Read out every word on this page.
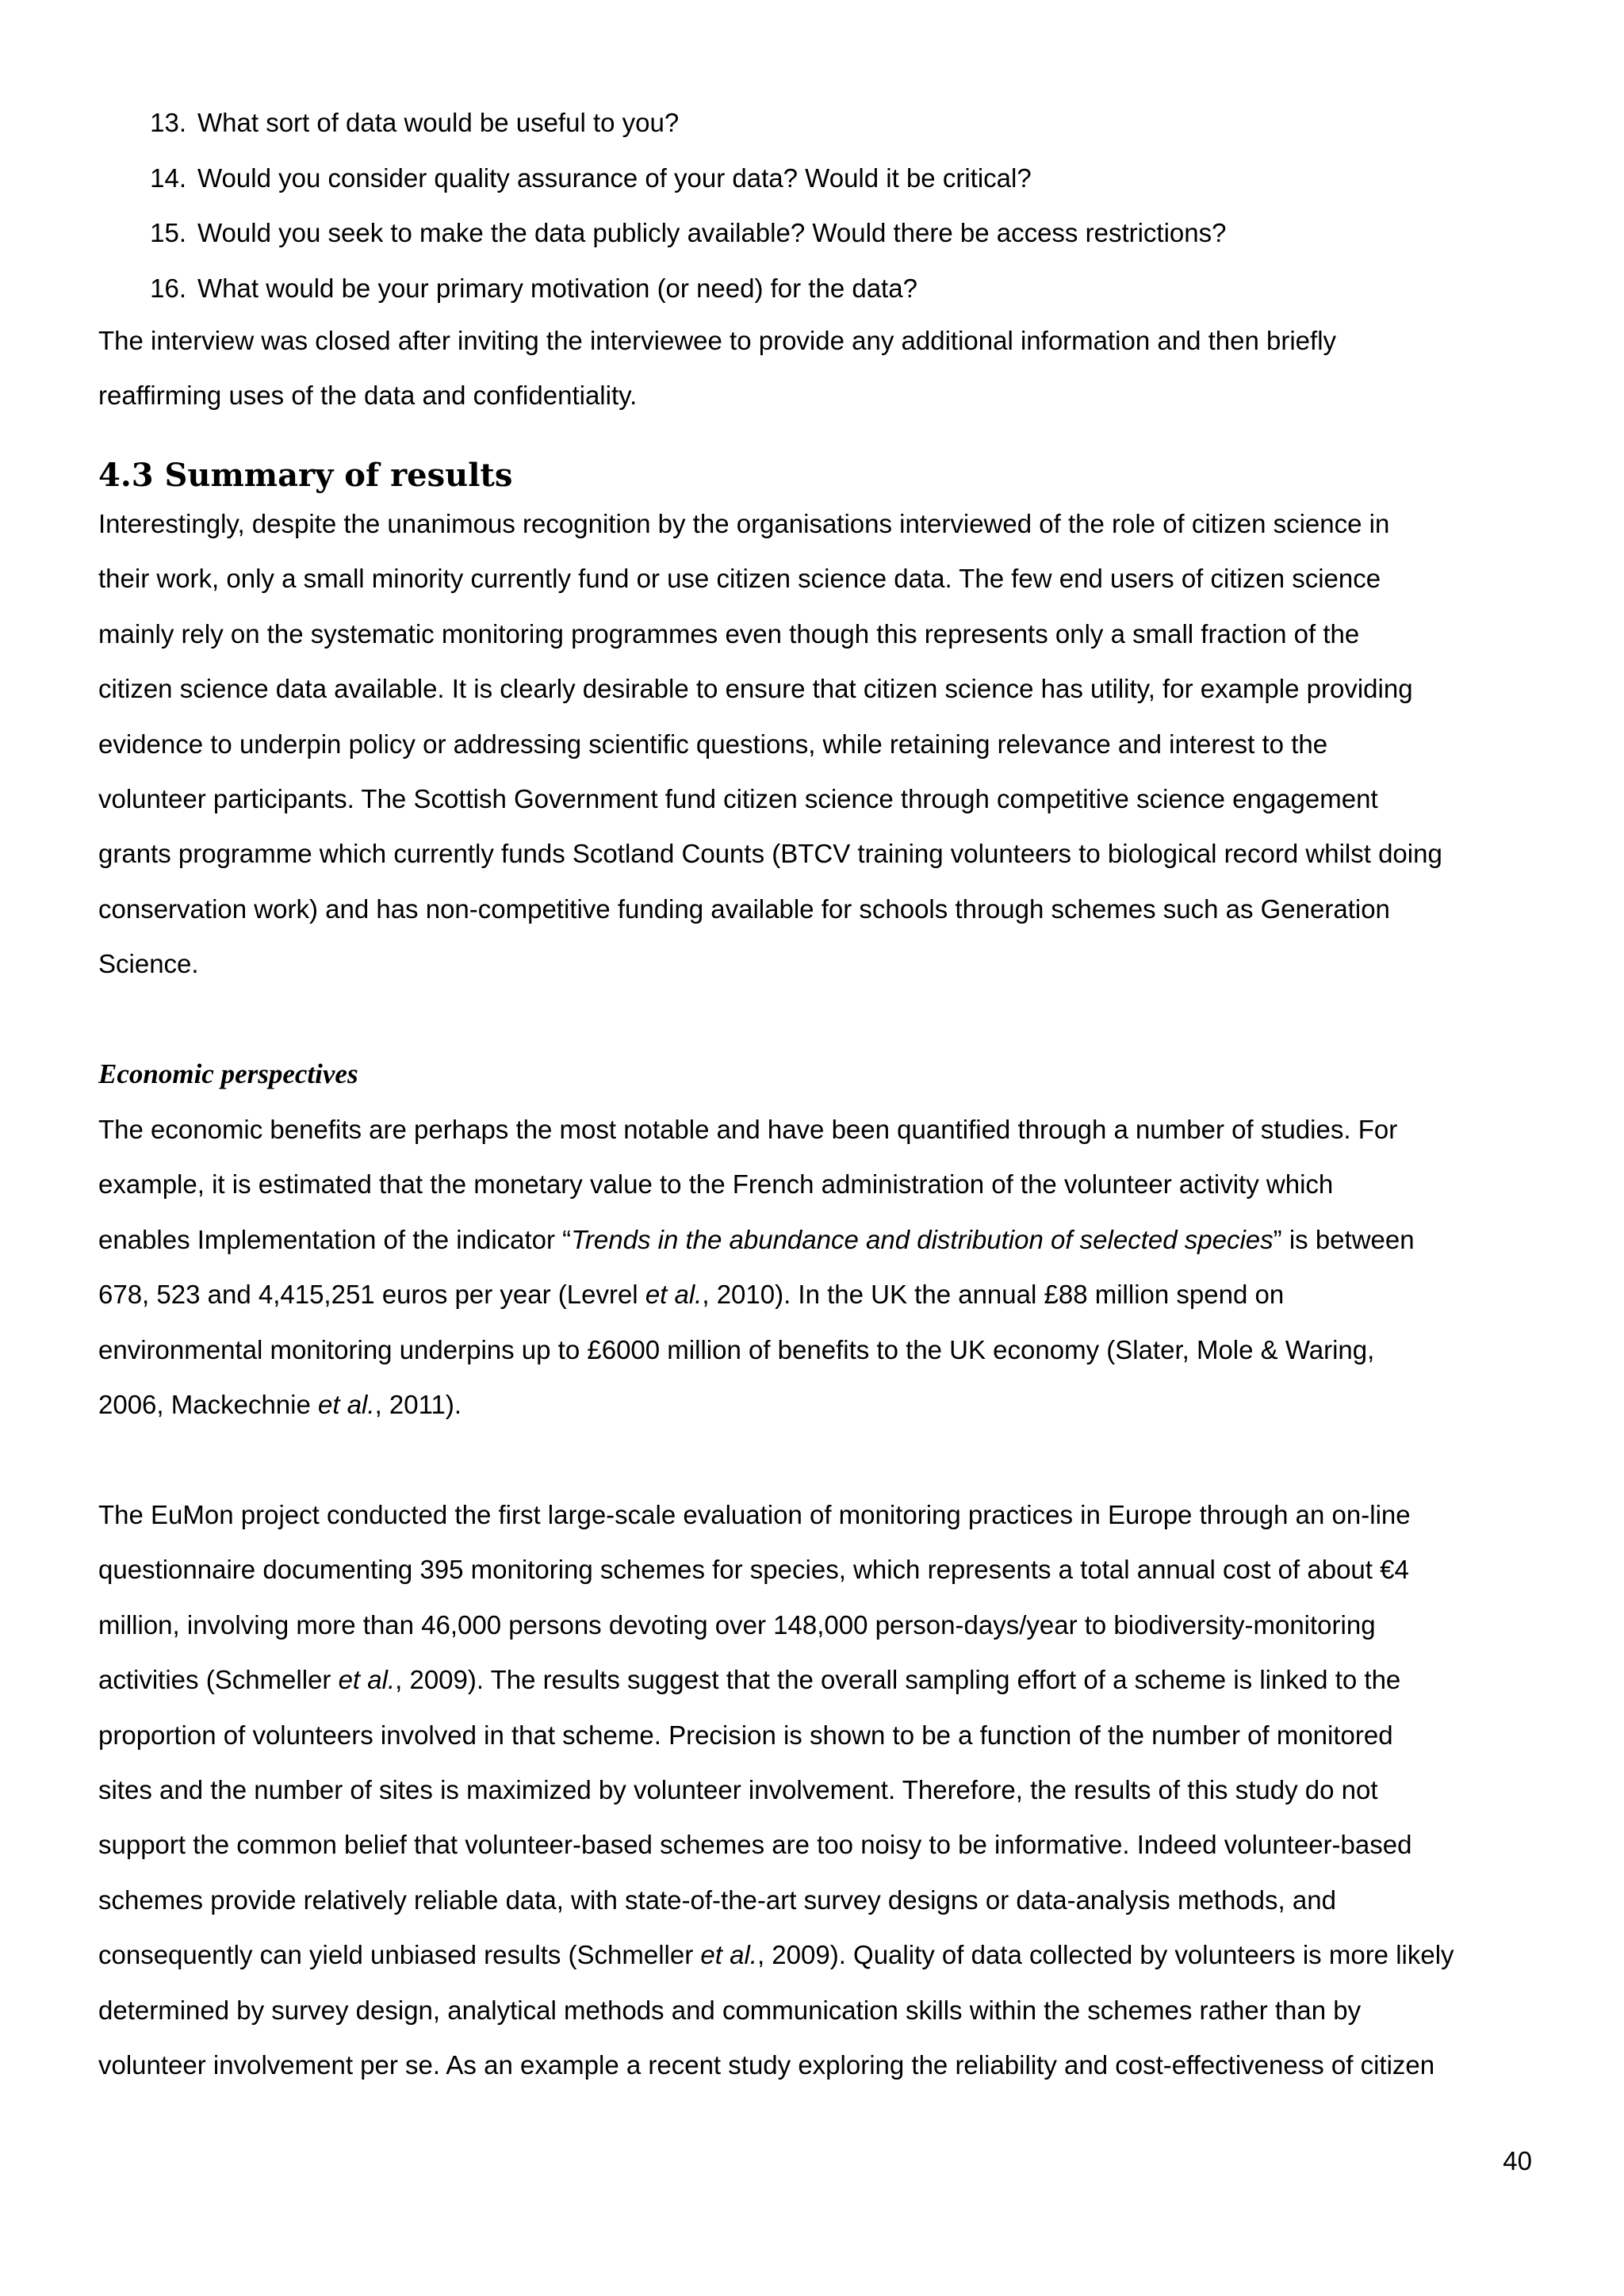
13. What sort of data would be useful to you?
14. Would you consider quality assurance of your data? Would it be critical?
15. Would you seek to make the data publicly available? Would there be access restrictions?
16. What would be your primary motivation (or need) for the data?

The interview was closed after inviting the interviewee to provide any additional information and then briefly
reaffirming uses of the data and confidentiality.

4.3 Summary of results

Interestingly, despite the unanimous recognition by the organisations interviewed of the role of citizen science in
their work, only a small minority currently fund or use citizen science data. The few end users of citizen science
mainly rely on the systematic monitoring programmes even though this represents only a small fraction of the
citizen science data available. It is clearly desirable to ensure that citizen science has utility, for example providing
evidence to underpin policy or addressing scientific questions, while retaining relevance and interest to the
volunteer participants. The Scottish Government fund citizen science through competitive science engagement
grants programme which currently funds Scotland Counts (BTCV training volunteers to biological record whilst doing
conservation work) and has non-competitive funding available for schools through schemes such as Generation
Science.

Economic perspectives

The economic benefits are perhaps the most notable and have been quantified through a number of studies. For
example, it is estimated that the monetary value to the French administration of the volunteer activity which
enables Implementation of the indicator “Trends in the abundance and distribution of selected species” is between
678, 523 and 4,415,251 euros per year (Levrel et al., 2010). In the UK the annual £88 million spend on
environmental monitoring underpins up to £6000 million of benefits to the UK economy (Slater, Mole & Waring,
2006, Mackechnie et al., 2011).

The EuMon project conducted the first large-scale evaluation of monitoring practices in Europe through an on-line
questionnaire documenting 395 monitoring schemes for species, which represents a total annual cost of about €4
million, involving more than 46,000 persons devoting over 148,000 person-days/year to biodiversity-monitoring
activities (Schmeller et al., 2009). The results suggest that the overall sampling effort of a scheme is linked to the
proportion of volunteers involved in that scheme. Precision is shown to be a function of the number of monitored
sites and the number of sites is maximized by volunteer involvement. Therefore, the results of this study do not
support the common belief that volunteer-based schemes are too noisy to be informative. Indeed volunteer-based
schemes provide relatively reliable data, with state-of-the-art survey designs or data-analysis methods, and
consequently can yield unbiased results (Schmeller et al., 2009). Quality of data collected by volunteers is more likely
determined by survey design, analytical methods and communication skills within the schemes rather than by
volunteer involvement per se. As an example a recent study exploring the reliability and cost-effectiveness of citizen

40
